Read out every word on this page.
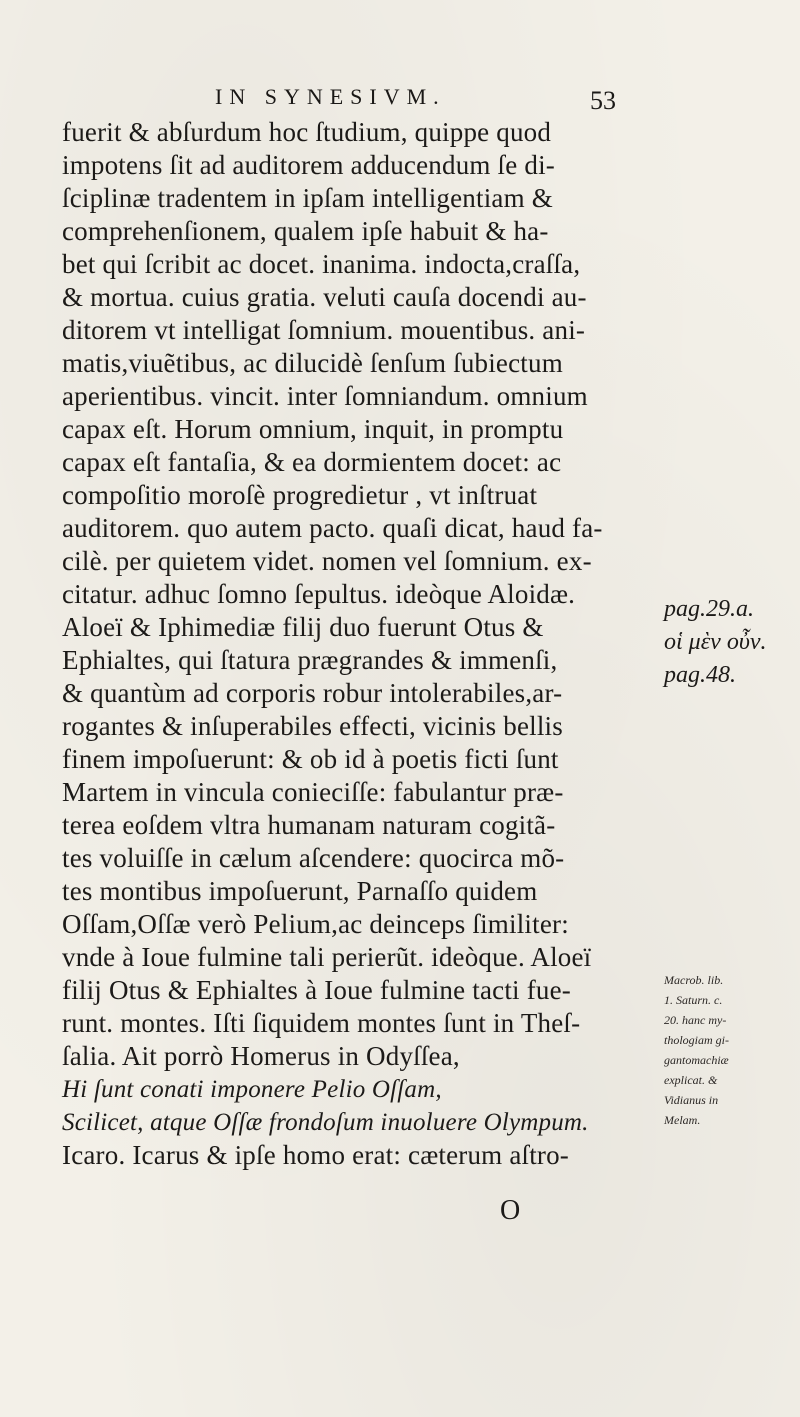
IN SYNESIVM.	53
fuerit & abſurdum hoc ſtudium, quippe quod
impotens ſit ad auditorem adducendum ſe di-
ſciplinæ tradentem in ipſam intelligentiam &
comprehenſionem, qualem ipſe habuit & ha-
bet qui ſcribit ac docet. inanima. indocta,craſſa,
& mortua. cuius gratia. veluti cauſa docendi au-
ditorem vt intelligat ſomnium. mouentibus. ani-
matis,viuẽtibus, ac dilucidè ſenſum ſubiectum
aperientibus. vincit. inter ſomniandum. omnium
capax eſt. Horum omnium, inquit, in promptu
capax eſt fantaſia, & ea dormientem docet: ac
compoſitio moroſè progredietur , vt inſtruat
auditorem. quo autem pacto. quaſi dicat, haud fa-
cilè. per quietem videt. nomen vel ſomnium. ex-
citatur. adhuc ſomno ſepultus. ideòque Aloidæ.
Aloeï & Iphimediæ filij duo fuerunt Otus &
Ephialtes, qui ſtatura prægrandes & immenſi,
& quantùm ad corporis robur intolerabiles,ar-
rogantes & inſuperabiles effecti, vicinis bellis
finem impoſuerunt: & ob id à poetis ficti ſunt
Martem in vincula conieciſſe: fabulantur præ-
terea eoſdem vltra humanam naturam cogitã-
tes voluiſſe in cælum aſcendere: quocirca mõ-
tes montibus impoſuerunt, Parnaſſo quidem
Oſſam,Oſſæ verò Pelium,ac deinceps ſimiliter:
vnde à Ioue fulmine tali perierũt. ideòque. Aloeï
filij Otus & Ephialtes à Ioue fulmine tacti fue-
runt. montes. Iſti ſiquidem montes ſunt in Theſ-
ſalia. Ait porrò Homerus in Odyſſea,
Hi ſunt conati imponere Pelio Oſſam,
Scilicet, atque Oſſæ frondoſum inuoluere Olympum.
Icaro. Icarus & ipſe homo erat: cæterum aſtro-
pag.29.a.
οἱ μὲν οὖν.
pag.48.
Macrob. lib.
1. Saturn. c.
20. hanc my-
thologiam gi-
gantomachiæ
explicat. &
Vidianus in
Melam.
O
